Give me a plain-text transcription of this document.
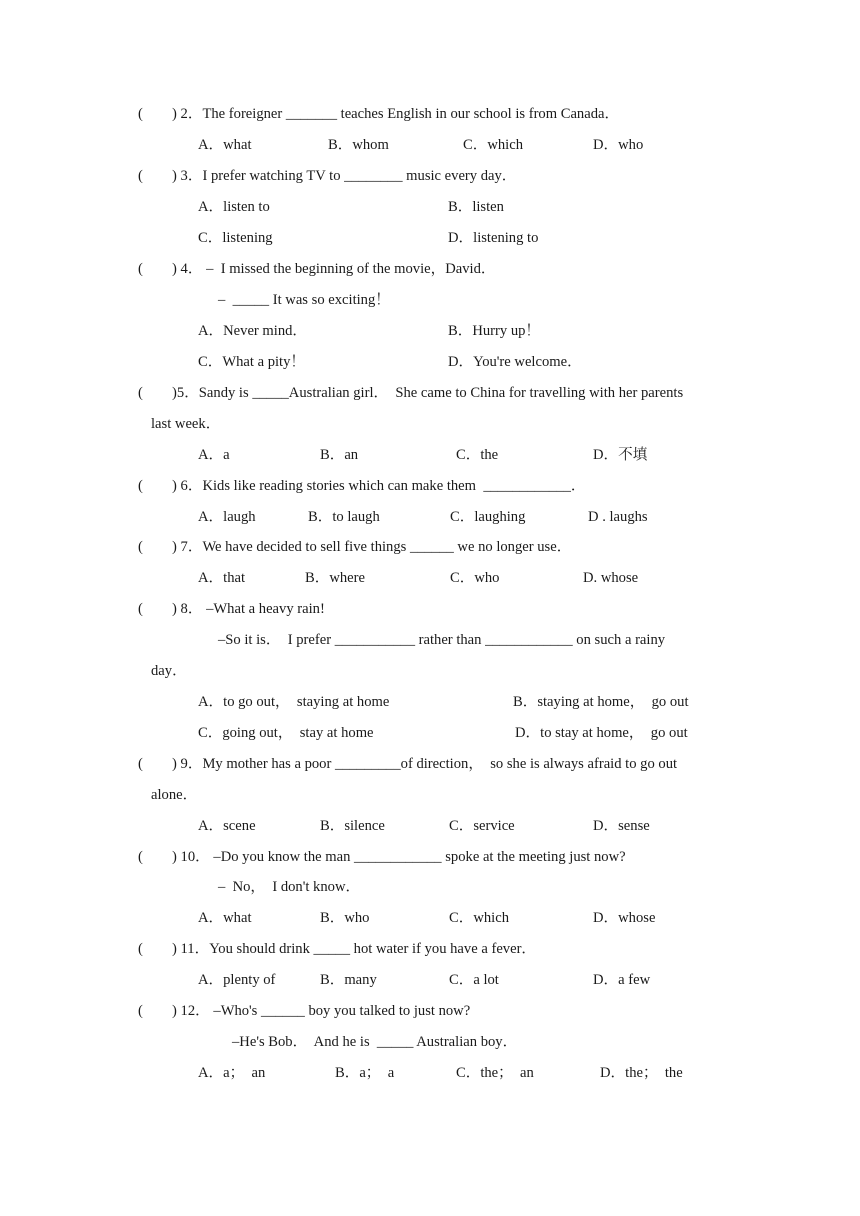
(　　) 2．The foreigner _______ teaches English in our school is from Canada．
A．what	B．whom	C．which	D．who
(　　) 3．I prefer watching TV to ________ music every day．
A．listen to	B．listen
C．listening	D．listening to
(　　) 4． –  I missed the beginning of the movie，David．
–  _____ It was so exciting！
A．Never mind．	B．Hurry up！
C．What a pity！	D．You're welcome．
(　　)5．Sandy is _____Australian girl．  She came to China for travelling with her parents
last week．
A．a	B．an	C．the	D．不填
(　　) 6．Kids like reading stories which can make them ____________．
A．laugh	B．to laugh	C．laughing	D . laughs
(　　) 7．We have decided to sell five things ______ we no longer use．
A．that	B．where	C．who	D. whose
(　　) 8． –What a heavy rain!
–So it is．  I prefer ___________ rather than ____________ on such a rainy
day．
A．to go out，  staying at home	B．staying at home，  go out
C．going out，  stay at home	D．to stay at home，  go out
(　　) 9．My mother has a poor _________of direction，  so she is always afraid to go out
alone．
A．scene	B．silence	C．service	D．sense
(　　) 10． –Do you know the man ____________ spoke at the meeting just now?
–  No，  I don't know．
A．what	B．who	C．which	D．whose
(　　) 11．You should drink _____ hot water if you have a fever．
A．plenty of	B．many	C．a lot	D．a few
(　　) 12． –Who's ______ boy you talked to just now?
–He's Bob．  And he is _____ Australian boy．
A．a；  an	B．a；  a	C．the；  an	D．the；  the
